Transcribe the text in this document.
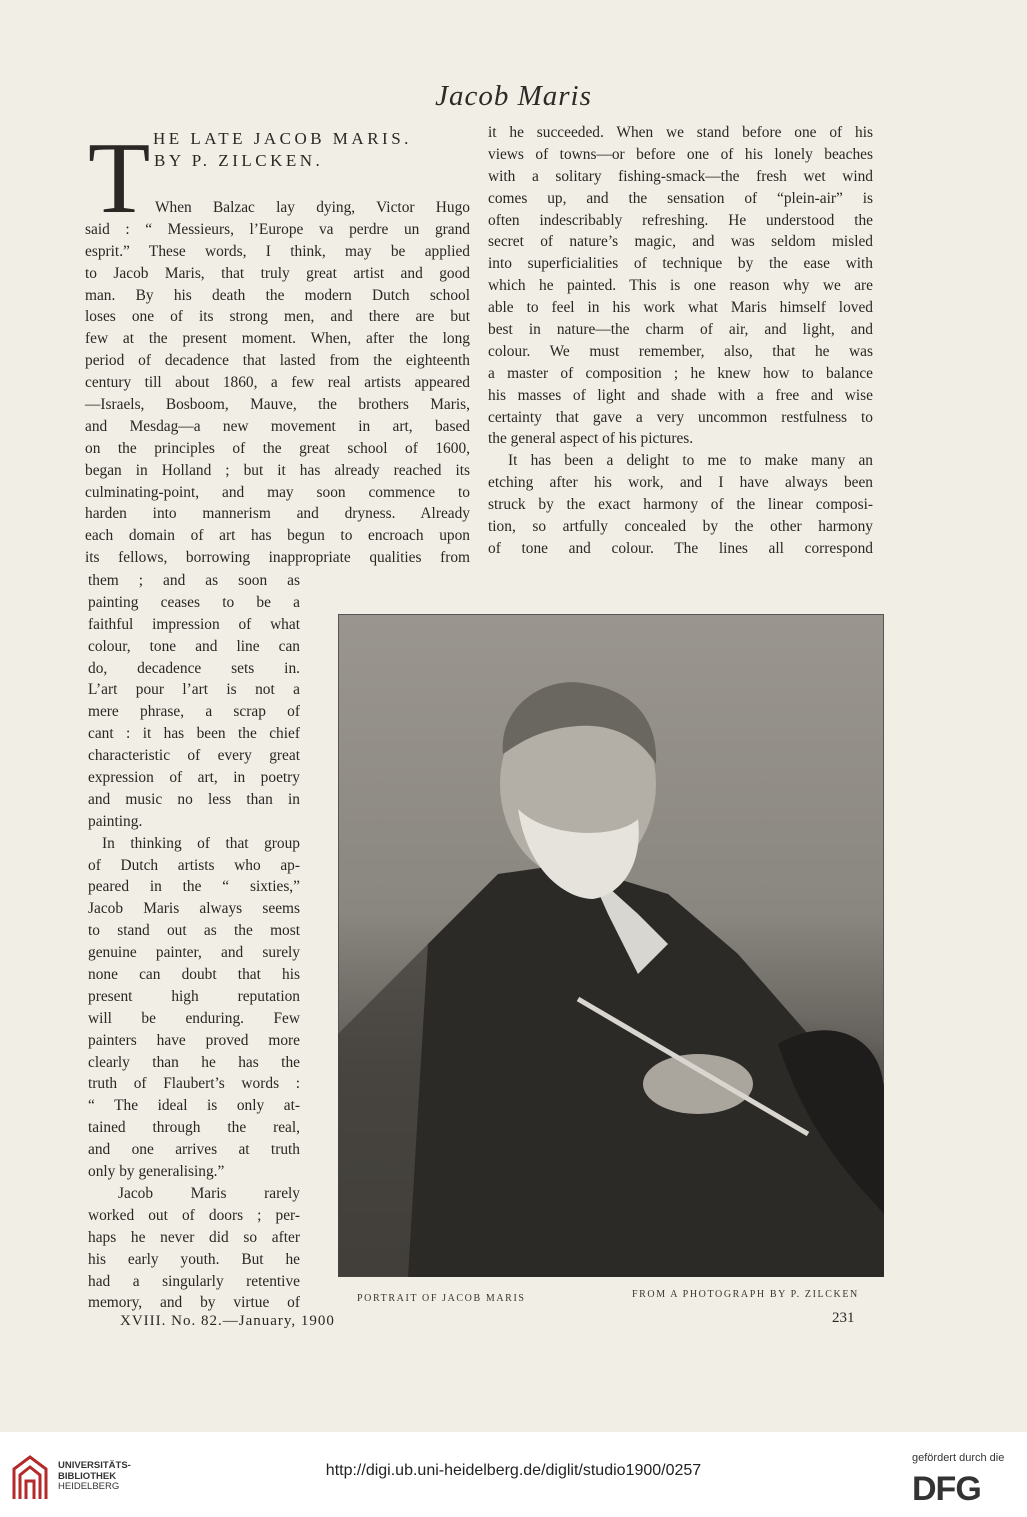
Jacob Maris
T HE LATE JACOB MARIS.
BY P. ZILCKEN.
When Balzac lay dying, Victor Hugo
said : “ Messieurs, l’Europe va perdre un grand
esprit.” These words, I think, may be applied
to Jacob Maris, that truly great artist and good
man. By his death the modern Dutch school
loses one of its strong men, and there are but
few at the present moment. When, after the long
period of decadence that lasted from the eighteenth
century till about 1860, a few real artists appeared
—Israels, Bosboom, Mauve, the brothers Maris,
and Mesdag—a new movement in art, based
on the principles of the great school of 1600,
began in Holland ; but it has already reached its
culminating-point, and may soon commence to
harden into mannerism and dryness. Already
each domain of art has begun to encroach upon
its fellows, borrowing inappropriate qualities from
them ; and as soon as
painting ceases to be a
faithful impression of what
colour, tone and line can
do, decadence sets in.
L’art pour l’art is not a
mere phrase, a scrap of
cant : it has been the chief
characteristic of every great
expression of art, in poetry
and music no less than in
painting.
In thinking of that group
of Dutch artists who ap-
peared in the “ sixties,”
Jacob Maris always seems
to stand out as the most
genuine painter, and surely
none can doubt that his
present high reputation
will be enduring. Few
painters have proved more
clearly than he has the
truth of Flaubert’s words :
“ The ideal is only at-
tained through the real,
and one arrives at truth
only by generalising.”
Jacob Maris rarely
worked out of doors ; per-
haps he never did so after
his early youth. But he
had a singularly retentive
memory, and by virtue of
it he succeeded. When we stand before one of his
views of towns—or before one of his lonely beaches
with a solitary fishing-smack—the fresh wet wind
comes up, and the sensation of “plein-air” is
often indescribably refreshing. He understood the
secret of nature’s magic, and was seldom misled
into superficialities of technique by the ease with
which he painted. This is one reason why we are
able to feel in his work what Maris himself loved
best in nature—the charm of air, and light, and
colour. We must remember, also, that he was
a master of composition ; he knew how to balance
his masses of light and shade with a free and wise
certainty that gave a very uncommon restfulness to
the general aspect of his pictures.
It has been a delight to me to make many an
etching after his work, and I have always been
struck by the exact harmony of the linear composi-
tion, so artfully concealed by the other harmony
of tone and colour. The lines all correspond
PORTRAIT OF JACOB MARIS	FROM A PHOTOGRAPH BY P. ZILCKEN
XVIII. No. 82.—January, 1900	231
UNIVERSITÄTS-
BIBLIOTHEK
HEIDELBERG
http://digi.ub.uni-heidelberg.de/diglit/studio1900/0257
gefördert durch die
DFG
